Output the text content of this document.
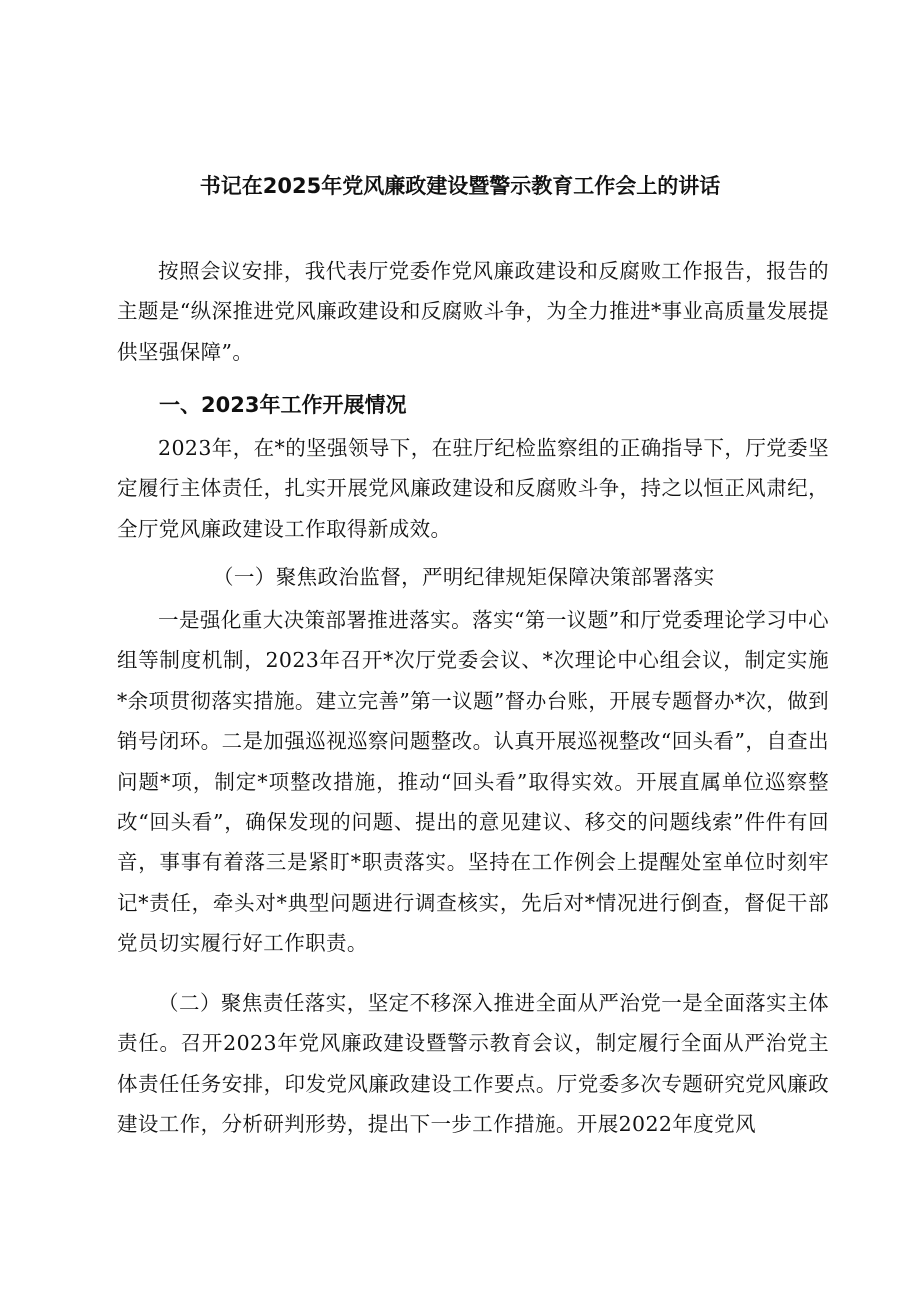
书记在2025年党风廉政建设暨警示教育工作会上的讲话
按照会议安排，我代表厅党委作党风廉政建设和反腐败工作报告，报告的主题是“纵深推进党风廉政建设和反腐败斗争，为全力推进*事业高质量发展提供坚强保障”。
一、2023年工作开展情况
2023年，在*的坚强领导下，在驻厅纪检监察组的正确指导下，厅党委坚定履行主体责任，扎实开展党风廉政建设和反腐败斗争，持之以恒正风肃纪，全厅党风廉政建设工作取得新成效。
（一）聚焦政治监督，严明纪律规矩保障决策部署落实
一是强化重大决策部署推进落实。落实“第一议题”和厅党委理论学习中心组等制度机制，2023年召开*次厅党委会议、*次理论中心组会议，制定实施*余项贯彻落实措施。建立完善”第一议题”督办台账，开展专题督办*次，做到销号闭环。二是加强巡视巡察问题整改。认真开展巡视整改“回头看”，自查出问题*项，制定*项整改措施，推动“回头看”取得实效。开展直属单位巡察整改“回头看”，确保发现的问题、提出的意见建议、移交的问题线索”件件有回音，事事有着落三是紧盯*职责落实。坚持在工作例会上提醒处室单位时刻牢记*责任，牵头对*典型问题进行调查核实，先后对*情况进行倒查，督促干部党员切实履行好工作职责。
（二）聚焦责任落实，坚定不移深入推进全面从严治党一是全面落实主体责任。召开2023年党风廉政建设暨警示教育会议，制定履行全面从严治党主体责任任务安排，印发党风廉政建设工作要点。厅党委多次专题研究党风廉政建设工作，分析研判形势，提出下一步工作措施。开展2022年度党风
